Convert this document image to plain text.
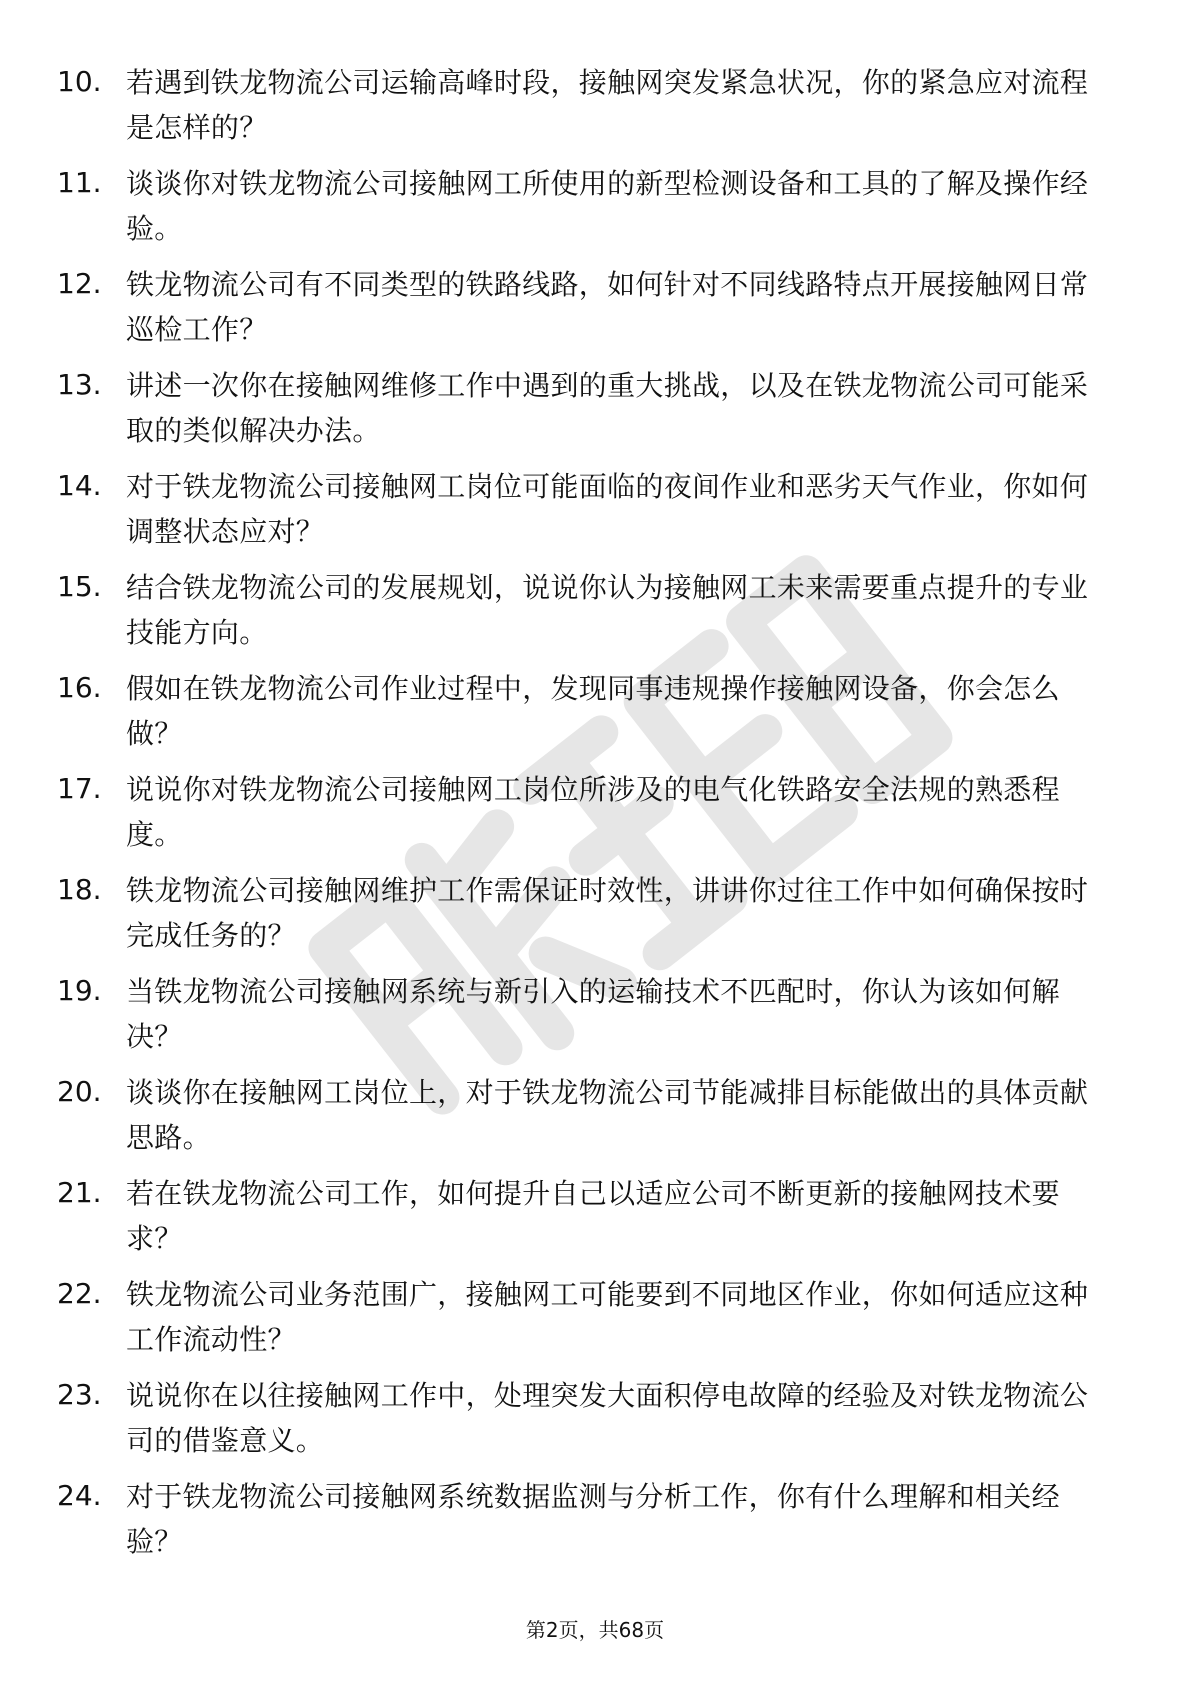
10. 若遇到铁龙物流公司运输高峰时段，接触网突发紧急状况，你的紧急应对流程是怎样的？
11. 谈谈你对铁龙物流公司接触网工所使用的新型检测设备和工具的了解及操作经验。
12. 铁龙物流公司有不同类型的铁路线路，如何针对不同线路特点开展接触网日常巡检工作？
13. 讲述一次你在接触网维修工作中遇到的重大挑战，以及在铁龙物流公司可能采取的类似解决办法。
14. 对于铁龙物流公司接触网工岗位可能面临的夜间作业和恶劣天气作业，你如何调整状态应对？
15. 结合铁龙物流公司的发展规划，说说你认为接触网工未来需要重点提升的专业技能方向。
16. 假如在铁龙物流公司作业过程中，发现同事违规操作接触网设备，你会怎么做？
17. 说说你对铁龙物流公司接触网工岗位所涉及的电气化铁路安全法规的熟悉程度。
18. 铁龙物流公司接触网维护工作需保证时效性，讲讲你过往工作中如何确保按时完成任务的？
19. 当铁龙物流公司接触网系统与新引入的运输技术不匹配时，你认为该如何解决？
20. 谈谈你在接触网工岗位上，对于铁龙物流公司节能减排目标能做出的具体贡献思路。
21. 若在铁龙物流公司工作，如何提升自己以适应公司不断更新的接触网技术要求？
22. 铁龙物流公司业务范围广，接触网工可能要到不同地区作业，你如何适应这种工作流动性？
23. 说说你在以往接触网工作中，处理突发大面积停电故障的经验及对铁龙物流公司的借鉴意义。
24. 对于铁龙物流公司接触网系统数据监测与分析工作，你有什么理解和相关经验？
第2页，共68页
